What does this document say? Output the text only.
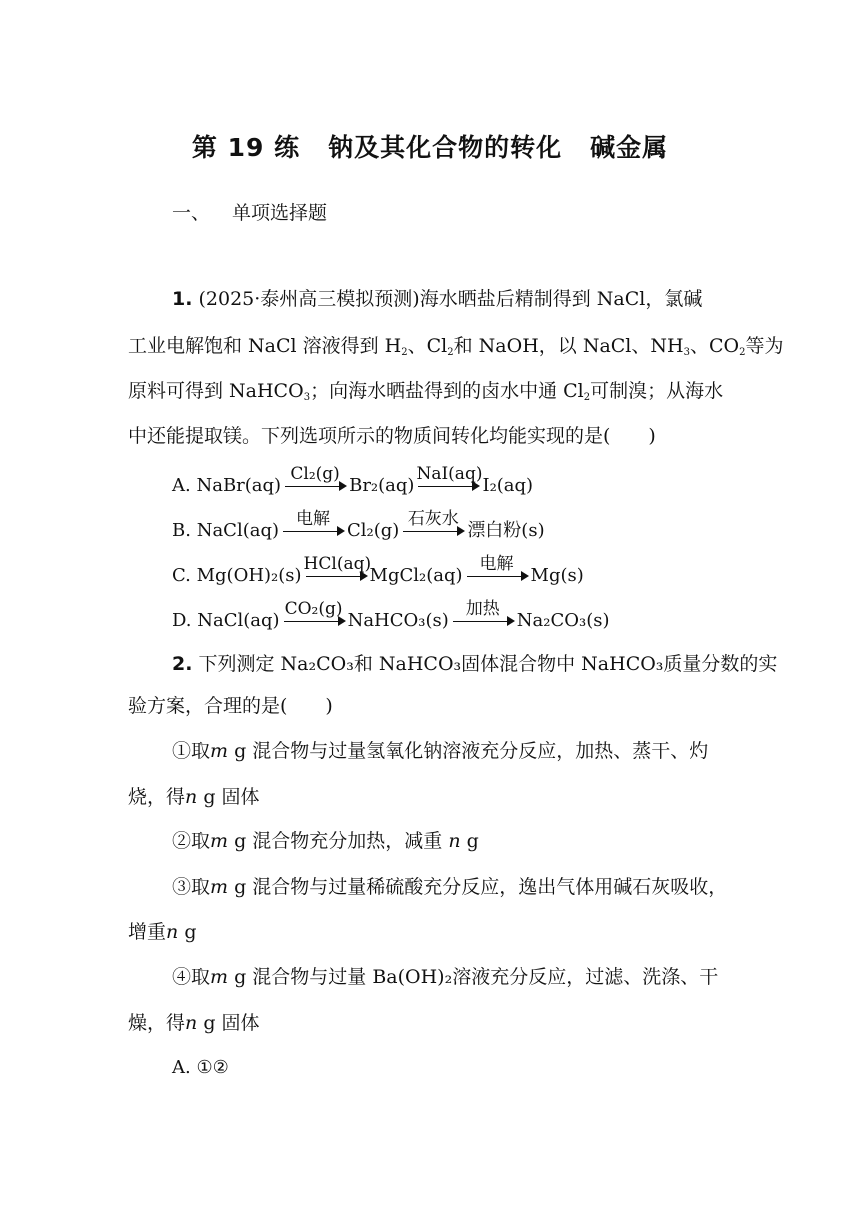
第 19 练 钠及其化合物的转化 碱金属
一、 单项选择题
1. (2025·泰州高三模拟预测)海水晒盐后精制得到 NaCl，氯碱
工业电解饱和 NaCl 溶液得到 $H_2$、$Cl_2$和 NaOH，以 NaCl、$NH_3$、$CO_2$等为
原料可得到 NaHCO$_3$；向海水晒盐得到的卤水中通 $Cl_2$可制溴；从海水
中还能提取镁。下列选项所示的物质间转化均能实现的是(　　)
A. NaBr(aq)
Cl₂(g)
Br₂(aq)
NaI(aq)
I₂(aq)
B. NaCl(aq)
电解
Cl₂(g)
石灰水
漂白粉(s)
C. Mg(OH)₂(s)
HCl(aq)
MgCl₂(aq)
电解
Mg(s)
D. NaCl(aq)
CO₂(g)
NaHCO₃(s)
加热
Na₂CO₃(s)
2. 下列测定 Na₂CO₃和 NaHCO₃固体混合物中 NaHCO₃质量分数的实
验方案，合理的是(　　)
①取m g 混合物与过量氢氧化钠溶液充分反应，加热、蒸干、灼
烧，得n g 固体
②取m g 混合物充分加热，减重 n g
③取m g 混合物与过量稀硫酸充分反应，逸出气体用碱石灰吸收，
增重n g
④取m g 混合物与过量 Ba(OH)₂溶液充分反应，过滤、洗涤、干
燥，得n g 固体
A. ①②
